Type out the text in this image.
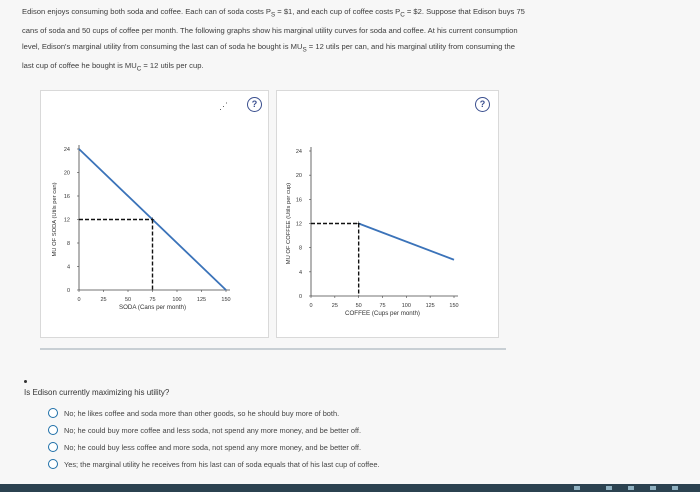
Edison enjoys consuming both soda and coffee. Each can of soda costs $P_S$ = $1, and each cup of coffee costs $P_C$ = $2. Suppose that Edison buys 75
cans of soda and 50 cups of coffee per month. The following graphs show his marginal utility curves for soda and coffee. At his current consumption
level, Edison's marginal utility from consuming the last can of soda he bought is $MU_S = 12$ utils per can, and his marginal utility from consuming the
last cup of coffee he bought is $MU_C = 12$ utils per cup.
⋰	?
24
20
16
12
8
4
0
0	25	50	75	100	125	150
SODA (Cans per month)
MU OF SODA (Utils per can)	+
?
24
20
16
12
8
4
0
0	25	50	75	100	125	150
COFFEE (Cups per month)
MU OF COFFEE (Utils per cup)	+
Is Edison currently maximizing his utility?
No; he likes coffee and soda more than other goods, so he should buy more of both.
No; he could buy more coffee and less soda, not spend any more money, and be better off.
No; he could buy less coffee and more soda, not spend any more money, and be better off.
Yes; the marginal utility he receives from his last can of soda equals that of his last cup of coffee.
